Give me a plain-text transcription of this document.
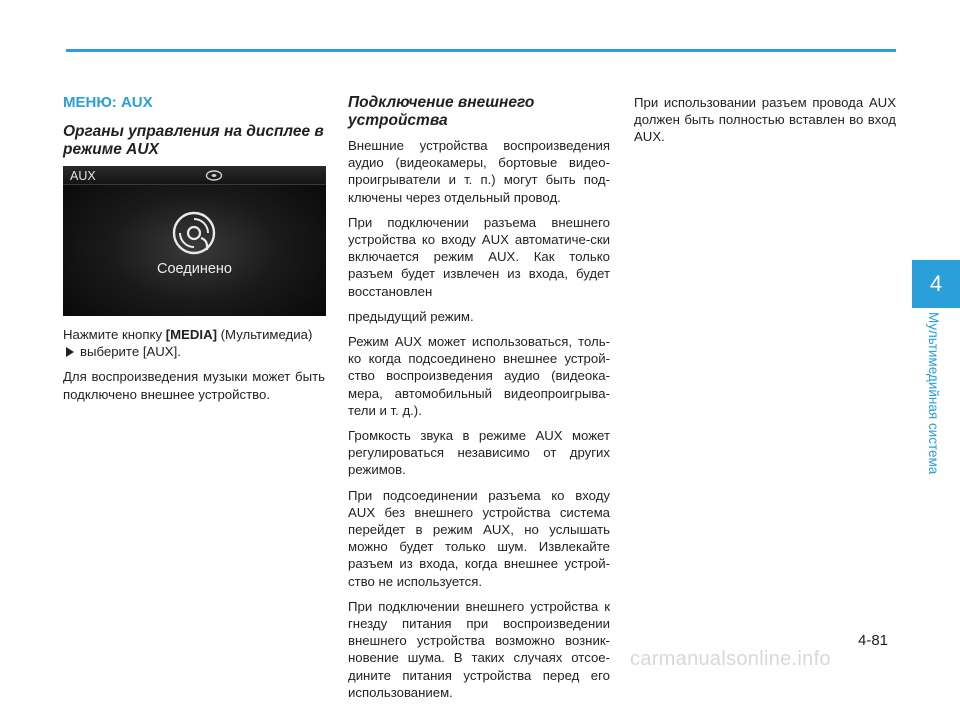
МЕНЮ: AUX
Органы управления на дисплее в режиме AUX
AUX
Соединено

Нажмите кнопку [MEDIA] (Мультимедиа)
выберите [AUX].

Для воспроизведения музыки может быть подключено внешнее устройство.

Подключение внешнего устройства

Внешние устройства воспроизведения аудио (видеокамеры, бортовые видео-проигрыватели и т. п.) могут быть под-ключены через отдельный провод.

При подключении разъема внешнего устройства ко входу AUX автоматиче-ски включается режим AUX. Как только разъем будет извлечен из входа, будет восстановлен

предыдущий режим.

Режим AUX может использоваться, толь-ко когда подсоединено внешнее устрой-ство воспроизведения аудио (видеока-мера, автомобильный видеопроигрыва-тели и т. д.).

Громкость звука в режиме AUX может регулироваться независимо от других режимов.

При подсоединении разъема ко входу AUX без внешнего устройства система перейдет в режим AUX, но услышать можно будет только шум. Извлекайте разъем из входа, когда внешнее устрой-ство не используется.

При подключении внешнего устройства к гнезду питания при воспроизведении внешнего устройства возможно возник-новение шума. В таких случаях отсое-дините питания устройства перед его использованием.

При использовании разъем провода AUX должен быть полностью вставлен во вход AUX.

4
Мультимедийная система
4-81
carmanualsonline.info
